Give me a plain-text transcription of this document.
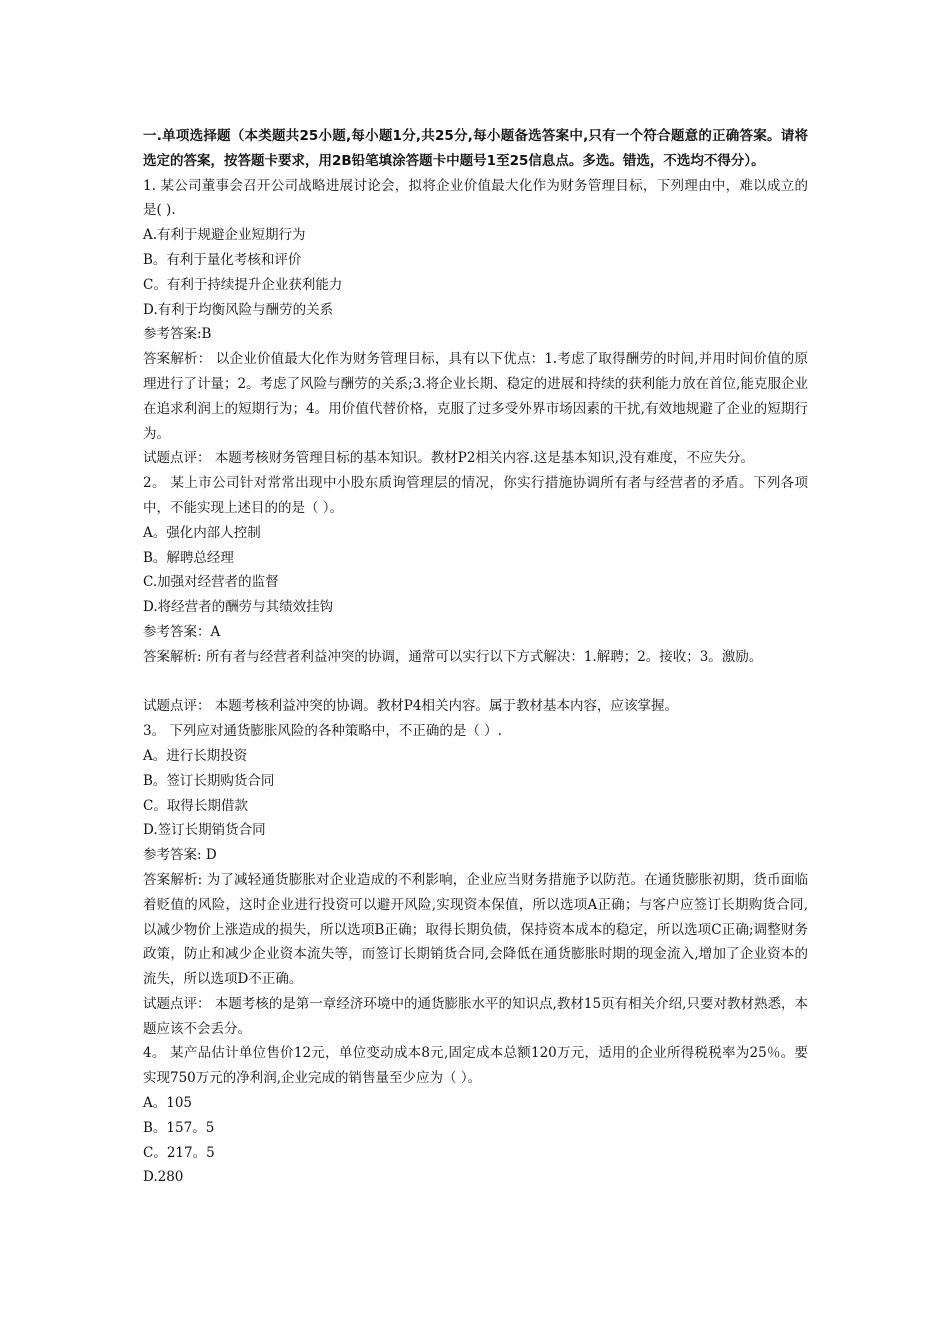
一.单项选择题（本类题共25小题,每小题1分,共25分,每小题备选答案中,只有一个符合题意的正确答案。请将选定的答案，按答题卡要求，用2B铅笔填涂答题卡中题号1至25信息点。多选。错选，不选均不得分）。
1. 某公司董事会召开公司战略进展讨论会，拟将企业价值最大化作为财务管理目标，下列理由中，难以成立的是( ).
A.有利于规避企业短期行为
B。有利于量化考核和评价
C。有利于持续提升企业获利能力
D.有利于均衡风险与酬劳的关系
参考答案:B
答案解析： 以企业价值最大化作为财务管理目标，具有以下优点：1.考虑了取得酬劳的时间,并用时间价值的原理进行了计量；2。考虑了风险与酬劳的关系;3.将企业长期、稳定的进展和持续的获利能力放在首位,能克服企业在追求利润上的短期行为；4。用价值代替价格，克服了过多受外界市场因素的干扰,有效地规避了企业的短期行为。
试题点评： 本题考核财务管理目标的基本知识。教材P2相关内容.这是基本知识,没有难度，不应失分。
2。 某上市公司针对常常出现中小股东质询管理层的情况，你实行措施协调所有者与经营者的矛盾。下列各项中，不能实现上述目的的是（ ）。
A。强化内部人控制
B。解聘总经理
C.加强对经营者的监督
D.将经营者的酬劳与其绩效挂钩
参考答案：A
答案解析: 所有者与经营者利益冲突的协调，通常可以实行以下方式解决：1.解聘；2。接收；3。激励。
试题点评： 本题考核利益冲突的协调。教材P4相关内容。属于教材基本内容，应该掌握。
3。 下列应对通货膨胀风险的各种策略中，不正确的是（ ）.
A。进行长期投资
B。签订长期购货合同
C。取得长期借款
D.签订长期销货合同
参考答案: D
答案解析: 为了减轻通货膨胀对企业造成的不利影响，企业应当财务措施予以防范。在通货膨胀初期，货币面临着贬值的风险，这时企业进行投资可以避开风险,实现资本保值，所以选项A正确；与客户应签订长期购货合同,以减少物价上涨造成的损失，所以选项B正确；取得长期负债，保持资本成本的稳定，所以选项C正确;调整财务政策，防止和减少企业资本流失等，而签订长期销货合同,会降低在通货膨胀时期的现金流入,增加了企业资本的流失，所以选项D不正确。
试题点评： 本题考核的是第一章经济环境中的通货膨胀水平的知识点,教材15页有相关介绍,只要对教材熟悉，本题应该不会丢分。
4。 某产品估计单位售价12元，单位变动成本8元,固定成本总额120万元，适用的企业所得税税率为25％。要实现750万元的净利润,企业完成的销售量至少应为（ ）。
A。105
B。157。5
C。217。5
D.280
